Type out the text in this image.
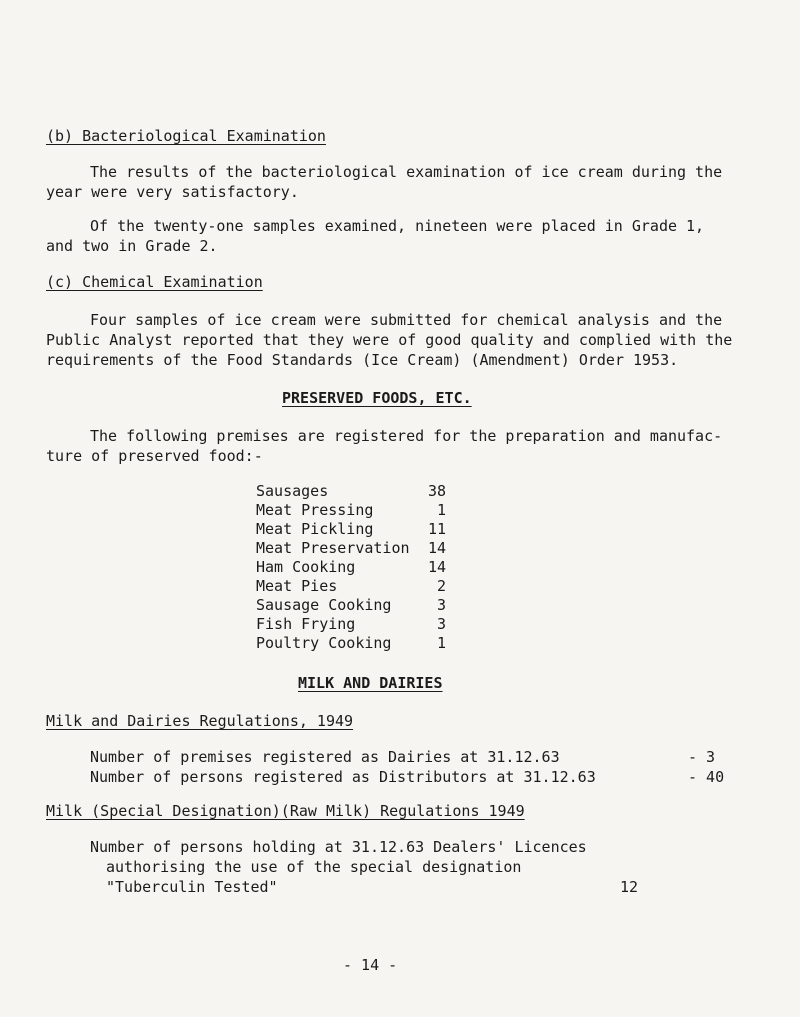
(b) Bacteriological Examination
The results of the bacteriological examination of ice cream during the
year were very satisfactory.
Of the twenty-one samples examined, nineteen were placed in Grade 1,
and two in Grade 2.
(c) Chemical Examination
Four samples of ice cream were submitted for chemical analysis and the
Public Analyst reported that they were of good quality and complied with the
requirements of the Food Standards (Ice Cream) (Amendment) Order 1953.
PRESERVED FOODS, ETC.
The following premises are registered for the preparation and manufac-
ture of preserved food:-
Sausages	38
Meat Pressing	1
Meat Pickling	11
Meat Preservation 14
Ham Cooking	14
Meat Pies	2
Sausage Cooking	3
Fish Frying	3
Poultry Cooking	1
MILK AND DAIRIES
Milk and Dairies Regulations, 1949
Number of premises registered as Dairies at 31.12.63	- 3
Number of persons registered as Distributors at 31.12.63	- 40
Milk (Special Designation)(Raw Milk) Regulations 1949
Number of persons holding at 31.12.63 Dealers' Licences
authorising the use of the special designation
"Tuberculin Tested"	12
- 14 -
